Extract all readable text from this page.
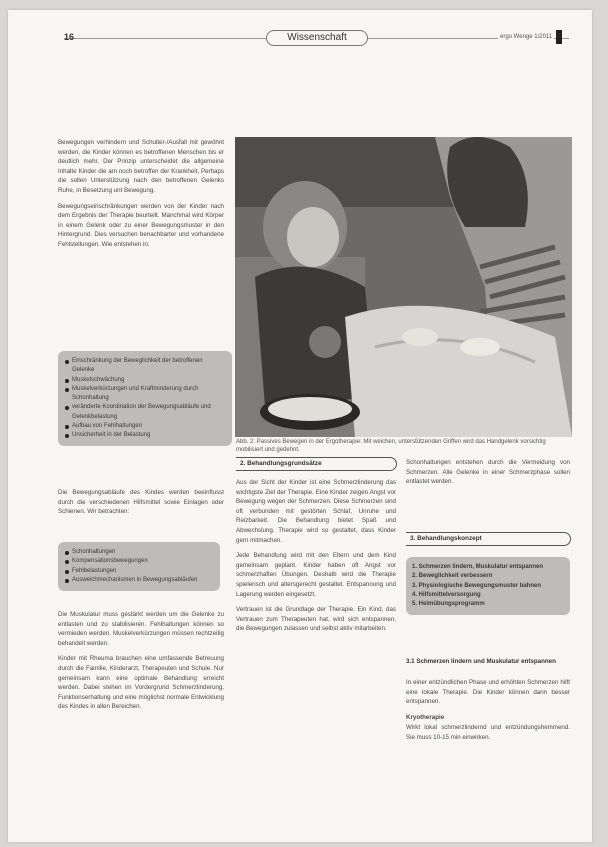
16	Wissenschaft	ergo Wenge 1/2011
Abb. 2: Passives Bewegen in der Ergotherapie: Mit weichen, unterstützenden Griffen wird das Handgelenk vorsichtig mobilisiert und gedehnt.

Bewegungen verhindern und Schulter-/Ausfall mit gewöhnt werden, die Kinder können es betroffenen Menschen bis er deutlich mehr. Der Prinzip unterscheidet die allgemeine Inhalte Kinder die am noch betroffen der Krankheit, Perhaps die sollen Unterstützung nach den betroffenen Gelenks Ruhe, in Besetzung unt Bewegung.

Bewegungseinschränkungen werden von der Kinder nach dem Ergebnis der Therapie beurteilt. Manchmal wird Körper in einem Gelenk oder zu einer Bewegungsmuster in den Hintergrund. Dies versuchen benachbarter und vorhandene Fehlstellungen. Wie entstehen in:

Einschränkung der Beweglichkeit der betroffenen Gelenke
Muskelschwächung
Muskelverkürzungen und Kraftminderung durch Schonhaltung
veränderte Koordination der Bewegungsabläufe und Gelenkbelastung
Aufbau von Fehlhaltungen
Unsicherheit in der Belastung

Die Bewegungsabläufe des Kindes werden beeinflusst durch die verschiedenen Hilfsmittel sowie Einlagen oder Schienen. Wir betrachten:

Schonhaltungen
Kompensationsbewegungen
Fehlbelastungen
Ausweichmechanismen in Bewegungsabläufen

Die Muskulatur muss gestärkt werden um die Gelenke zu entlasten und zu stabilisieren. Fehlhaltungen können so vermieden werden. Muskelverkürzungen müssen rechtzeitig behandelt werden.

Kinder mit Rheuma brauchen eine umfassende Betreuung durch die Familie, Kinderarzt, Therapeuten und Schule. Nur gemeinsam kann eine optimale Behandlung erreicht werden. Dabei stehen im Vordergrund Schmerzlinderung, Funktionserhaltung und eine möglichst normale Entwicklung des Kindes in allen Bereichen.

2. Behandlungsgrundsätze

Aus der Sicht der Kinder ist eine Schmerzlinderung das wichtigste Ziel der Therapie. Eine Kinder zeigen Angst vor Bewegung wegen der Schmerzen. Diese Schmerzen sind oft verbunden mit gestörten Schlaf, Unruhe und Reizbarkeit. Die Behandlung bietet Spaß und Abwechslung. Therapie wird so gestaltet, dass Kinder gern mitmachen.

Jede Behandlung wird mit den Eltern und dem Kind gemeinsam geplant. Kinder haben oft Angst vor schmerzhaften Übungen. Deshalb wird die Therapie spielerisch und altersgerecht gestaltet. Entspannung und Lagerung werden eingesetzt.

Vertrauen ist die Grundlage der Therapie. Ein Kind, das Vertrauen zum Therapeuten hat, wird sich entspannen, die Bewegungen zulassen und selbst aktiv mitarbeiten.

Schonhaltungen entstehen durch die Vermeidung von Schmerzen. Alle Gelenke in einer Schmerzphase sollen entlastet werden.

3. Behandlungskonzept
1. Schmerzen lindern, Muskulatur entspannen
2. Beweglichkeit verbessern
3. Physiologische Bewegungsmuster bahnen
4. Hilfsmittelversorgung
5. Heimübungsprogramm
3.1 Schmerzen lindern und Muskulatur entspannen

In einer entzündlichen Phase und erhöhten Schmerzen hilft eine lokale Therapie. Die Kinder können dann besser entspannen.

Kryotherapie

Wirkt lokal schmerzlindernd und entzündungshemmend. Sie muss 10-15 min einwirken.
